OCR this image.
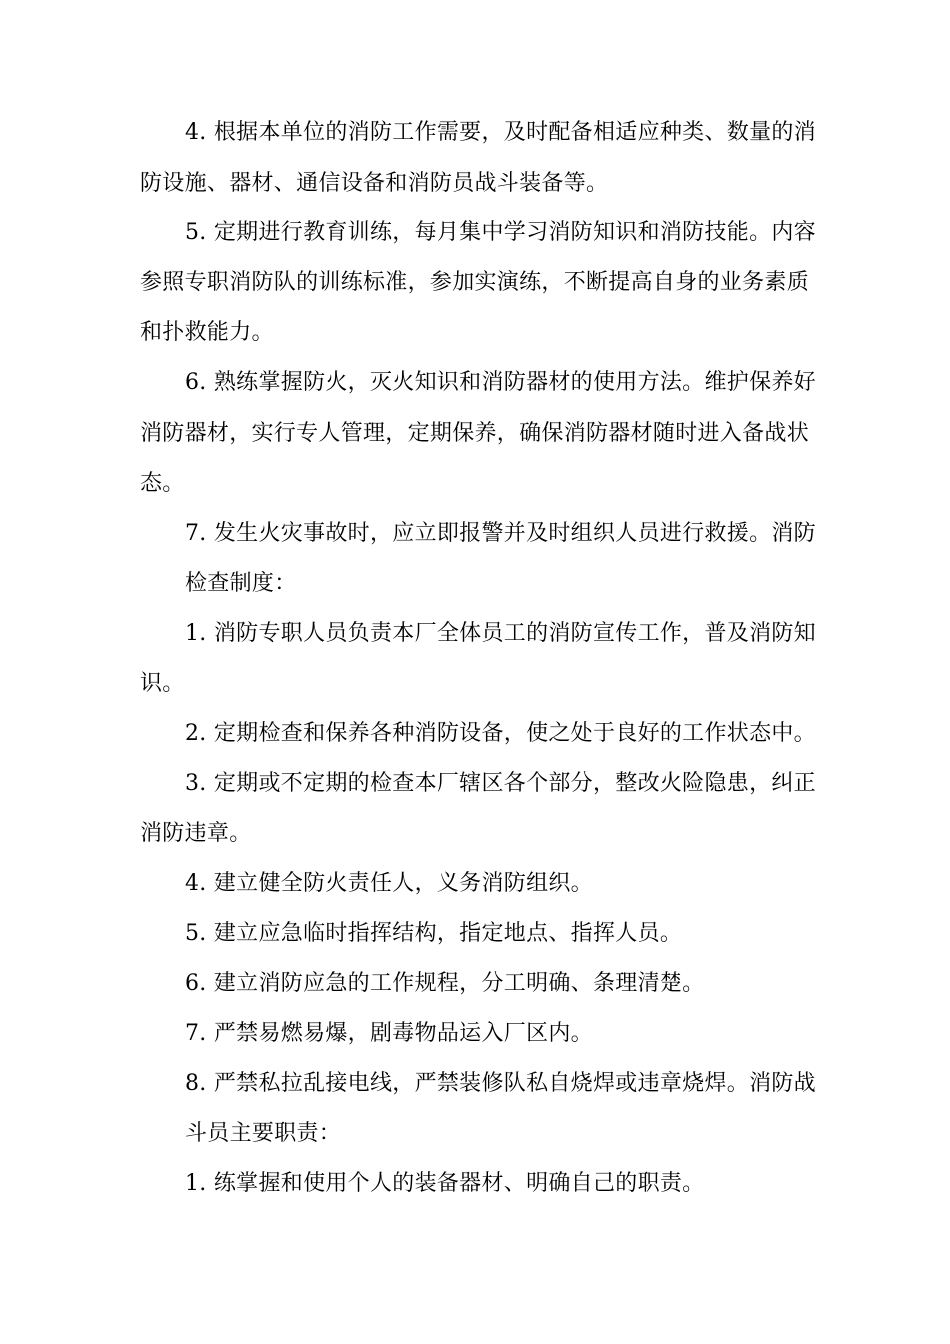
4. 根据本单位的消防工作需要，及时配备相适应种类、数量的消
防设施、器材、通信设备和消防员战斗装备等。
5. 定期进行教育训练，每月集中学习消防知识和消防技能。内容
参照专职消防队的训练标准，参加实演练，不断提高自身的业务素质
和扑救能力。
6. 熟练掌握防火，灭火知识和消防器材的使用方法。维护保养好
消防器材，实行专人管理，定期保养，确保消防器材随时进入备战状
态。
7. 发生火灾事故时，应立即报警并及时组织人员进行救援。消防
检查制度：
1. 消防专职人员负责本厂全体员工的消防宣传工作，普及消防知
识。
2. 定期检查和保养各种消防设备，使之处于良好的工作状态中。
3. 定期或不定期的检查本厂辖区各个部分，整改火险隐患，纠正
消防违章。
4. 建立健全防火责任人，义务消防组织。
5. 建立应急临时指挥结构，指定地点、指挥人员。
6. 建立消防应急的工作规程，分工明确、条理清楚。
7. 严禁易燃易爆，剧毒物品运入厂区内。
8. 严禁私拉乱接电线，严禁装修队私自烧焊或违章烧焊。消防战
斗员主要职责：
1. 练掌握和使用个人的装备器材、明确自己的职责。
